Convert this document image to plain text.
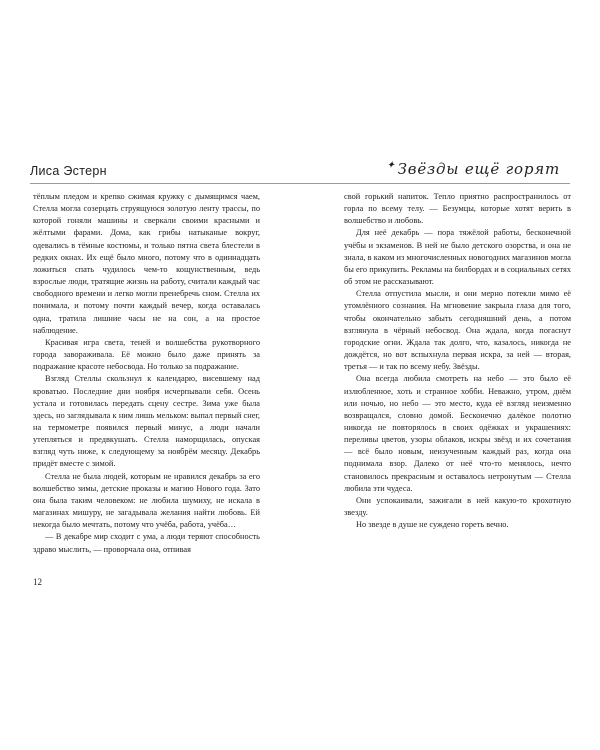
Лиса Эстерн	✦ Звёзды ещё горят

тёплым пледом и крепко сжимая кружку с дымящимся чаем, Стелла могла созерцать струящуюся золотую ленту трассы, по которой гоняли машины и сверкали своими красными и жёлтыми фарами. Дома, как грибы натыканые вокруг, одевались в тёмные костюмы, и только пятна света блестели в редких окнах. Их ещё было много, потому что в одиннадцать ложиться спать чудилось чем-то кощунственным, ведь взрослые люди, тратящие жизнь на работу, считали каждый час свободного времени и легко могли пренебречь сном. Стелла их понимала, и потому почти каждый вечер, когда оставалась одна, тратила лишние часы не на сон, а на простое наблюдение.

Красивая игра света, теней и волшебства рукотворного города завораживала. Её можно было даже принять за подражание красоте небосвода. Но только за подражание.

Взгляд Стеллы скользнул к календарю, висевшему над кроватью. Последние дни ноября исчерпывали себя. Осень устала и готовилась передать сцену сестре. Зима уже была здесь, но заглядывала к ним лишь мельком: выпал первый снег, на термометре появился первый минус, а люди начали утепляться и предвкушать. Стелла наморщилась, опуская взгляд чуть ниже, к следующему за ноябрём месяцу. Декабрь придёт вместе с зимой.

Стелла не была людей, которым не нравился декабрь за его волшебство зимы, детские проказы и магию Нового года. Зато она была таким человеком: не любила шумиху, не искала в магазинах мишуру, не загадывала желания найти любовь. Ей некогда было мечтать, потому что учёба, работа, учёба…

— В декабре мир сходит с ума, а люди теряют способность здраво мыслить, — проворчала она, отпивая

свой горький напиток. Тепло приятно распространилось от горла по всему телу. — Безумцы, которые хотят верить в волшебство и любовь.

Для неё декабрь — пора тяжёлой работы, бесконечной учёбы и экзаменов. В ней не было детского озорства, и она не знала, в каком из многочисленных новогодних магазинов могла бы его прикупить. Рекламы на билбордах и в социальных сетях об этом не рассказывают.

Стелла отпустила мысли, и они мерно потекли мимо её утомлённого сознания. На мгновение закрыла глаза для того, чтобы окончательно забыть сегодняшний день, а потом взглянула в чёрный небосвод. Она ждала, когда погаснут городские огни. Ждала так долго, что, казалось, никогда не дождётся, но вот вспыхнула первая искра, за ней — вторая, третья — и так по всему небу. Звёзды.

Она всегда любила смотреть на небо — это было её излюбленное, хоть и странное хобби. Неважно, утром, днём или ночью, но небо — это место, куда её взгляд неизменно возвращался, словно домой. Бесконечно далёкое полотно никогда не повторялось в своих одёжках и украшениях: переливы цветов, узоры облаков, искры звёзд и их сочетания — всё было новым, неизученным каждый раз, когда она поднимала взор. Далеко от неё что-то менялось, нечто становилось прекрасным и оставалось нетронутым — Стелла любила эти чудеса.

Они успокаивали, зажигали в ней какую-то крохотную звезду.

Но звезде в душе не суждено гореть вечно.

12
